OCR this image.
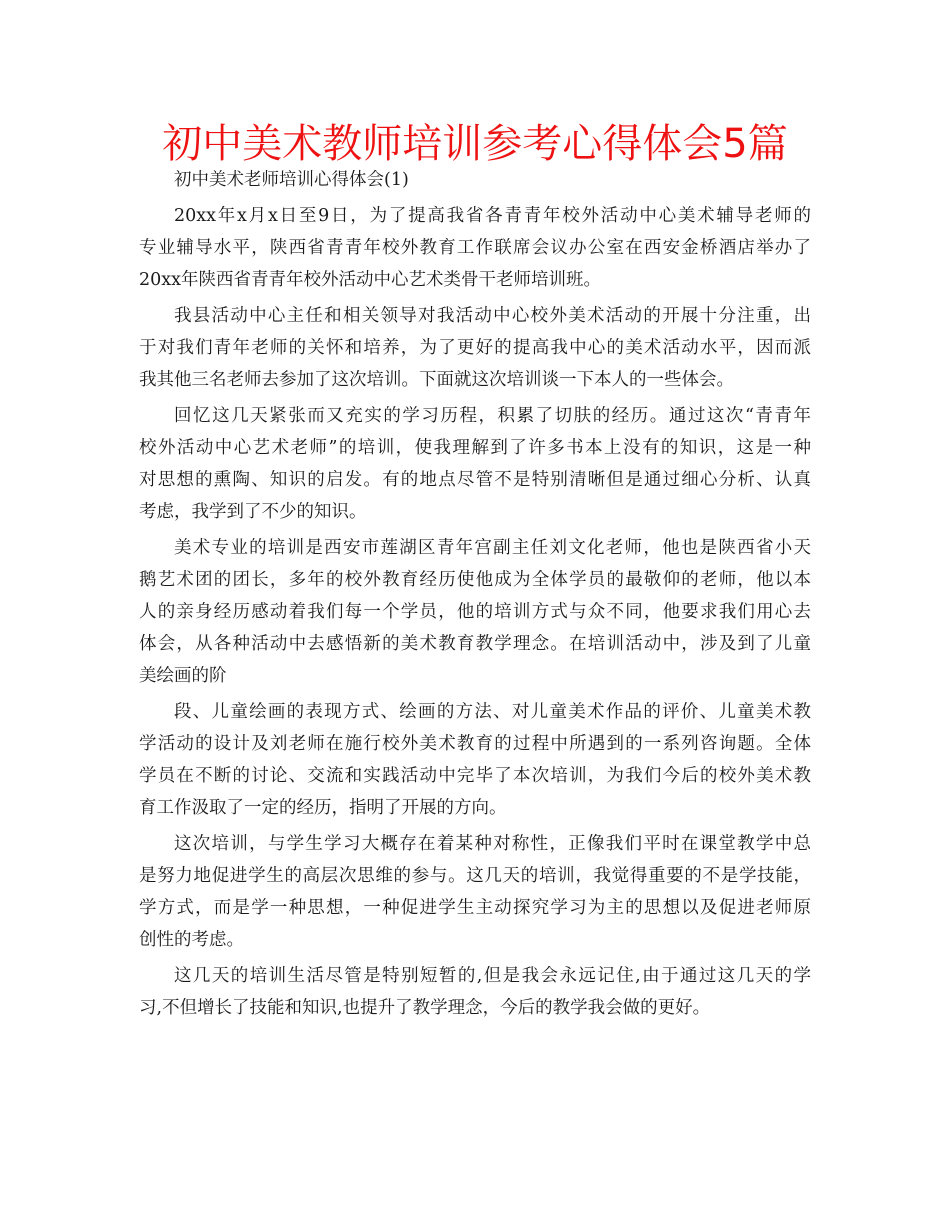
初中美术教师培训参考心得体会5篇

初中美术老师培训心得体会(1)

20xx年x月x日至9日，为了提高我省各青青年校外活动中心美术辅导老师的
专业辅导水平，陕西省青青年校外教育工作联席会议办公室在西安金桥酒店举办了
20xx年陕西省青青年校外活动中心艺术类骨干老师培训班。
我县活动中心主任和相关领导对我活动中心校外美术活动的开展十分注重，出
于对我们青年老师的关怀和培养，为了更好的提高我中心的美术活动水平，因而派
我其他三名老师去参加了这次培训。下面就这次培训谈一下本人的一些体会。
回忆这几天紧张而又充实的学习历程，积累了切肤的经历。通过这次“青青年
校外活动中心艺术老师”的培训，使我理解到了许多书本上没有的知识，这是一种
对思想的熏陶、知识的启发。有的地点尽管不是特别清晰但是通过细心分析、认真
考虑，我学到了不少的知识。
美术专业的培训是西安市莲湖区青年宫副主任刘文化老师，他也是陕西省小天
鹅艺术团的团长，多年的校外教育经历使他成为全体学员的最敬仰的老师，他以本
人的亲身经历感动着我们每一个学员，他的培训方式与众不同，他要求我们用心去
体会，从各种活动中去感悟新的美术教育教学理念。在培训活动中，涉及到了儿童
美绘画的阶
段、儿童绘画的表现方式、绘画的方法、对儿童美术作品的评价、儿童美术教
学活动的设计及刘老师在施行校外美术教育的过程中所遇到的一系列咨询题。全体
学员在不断的讨论、交流和实践活动中完毕了本次培训，为我们今后的校外美术教
育工作汲取了一定的经历，指明了开展的方向。
这次培训，与学生学习大概存在着某种对称性，正像我们平时在课堂教学中总
是努力地促进学生的高层次思维的参与。这几天的培训，我觉得重要的不是学技能，
学方式，而是学一种思想，一种促进学生主动探究学习为主的思想以及促进老师原
创性的考虑。
这几天的培训生活尽管是特别短暂的,但是我会永远记住,由于通过这几天的学
习,不但增长了技能和知识,也提升了教学理念，今后的教学我会做的更好。
